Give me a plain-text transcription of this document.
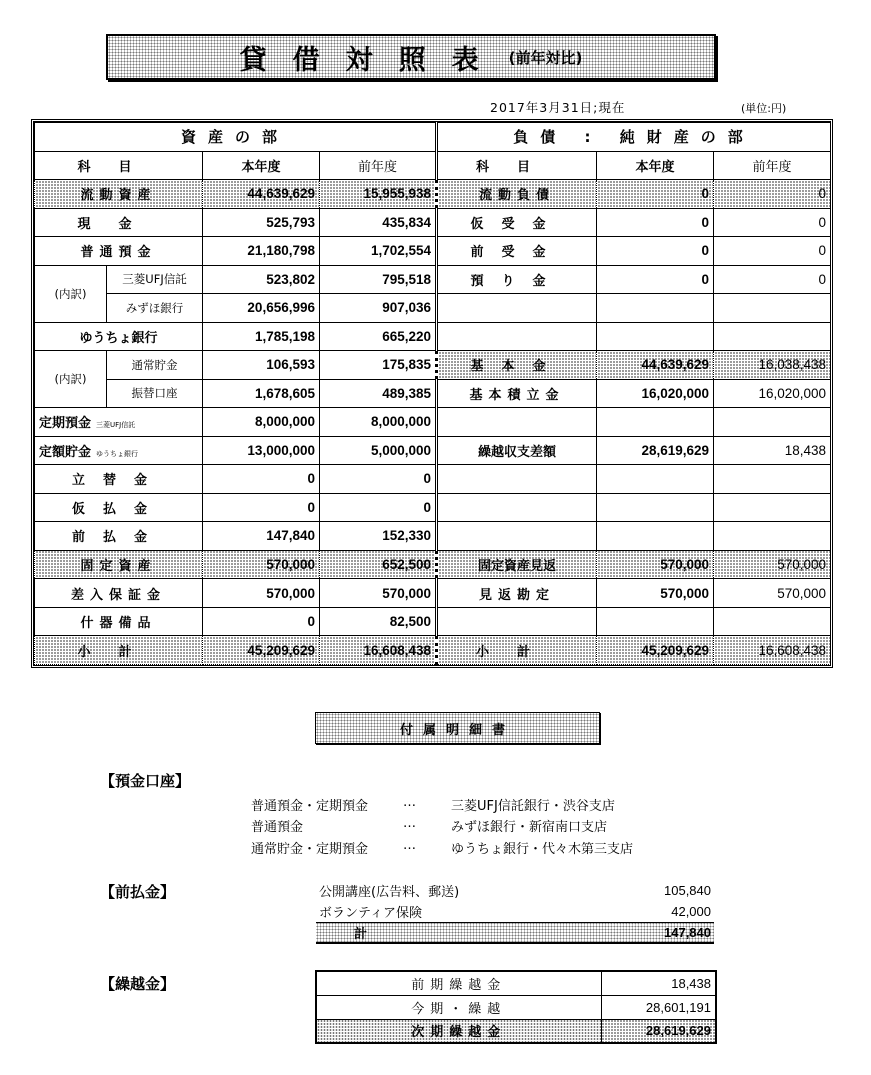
貸借対照表 (前年対比)
2017年3月31日;現在	(単位:円)
資産の部				負債 : 純財産の部		
科目		本年度	前年度	科目	本年度	前年度
流動資産		44,639,629	15,955,938	流動負債	0	0
現金		525,793	435,834	仮受金	0	0
普通預金		21,180,798	1,702,554	前受金	0	0
(内訳)	三菱UFJ信託	523,802	795,518	預り金	0	0
	みずほ銀行	20,656,996	907,036			
ゆうちょ銀行		1,785,198	665,220			
(内訳)	通常貯金	106,593	175,835	基本金	44,639,629	16,038,438
	振替口座	1,678,605	489,385	基本積立金	16,020,000	16,020,000
定期預金 三菱UFJ信託		8,000,000	8,000,000			
定額貯金 ゆうちょ銀行		13,000,000	5,000,000	繰越収支差額	28,619,629	18,438
立替金		0	0			
仮払金		0	0			
前払金		147,840	152,330			
固定資産		570,000	652,500	固定資産見返	570,000	570,000
差入保証金		570,000	570,000	見返勘定	570,000	570,000
什器備品		0	82,500			
小計		45,209,629	16,608,438	小計	45,209,629	16,608,438
付属明細書
【預金口座】
普通預金・定期預金	…	三菱UFJ信託銀行・渋谷支店
普通預金	…	みずほ銀行・新宿南口支店
通常貯金・定期預金	…	ゆうちょ銀行・代々木第三支店
【前払金】	公開講座(広告料、郵送)	105,840
ボランティア保険	42,000
計	147,840
【繰越金】	前期繰越金	18,438
今期・繰越	28,601,191
次期繰越金	28,619,629
